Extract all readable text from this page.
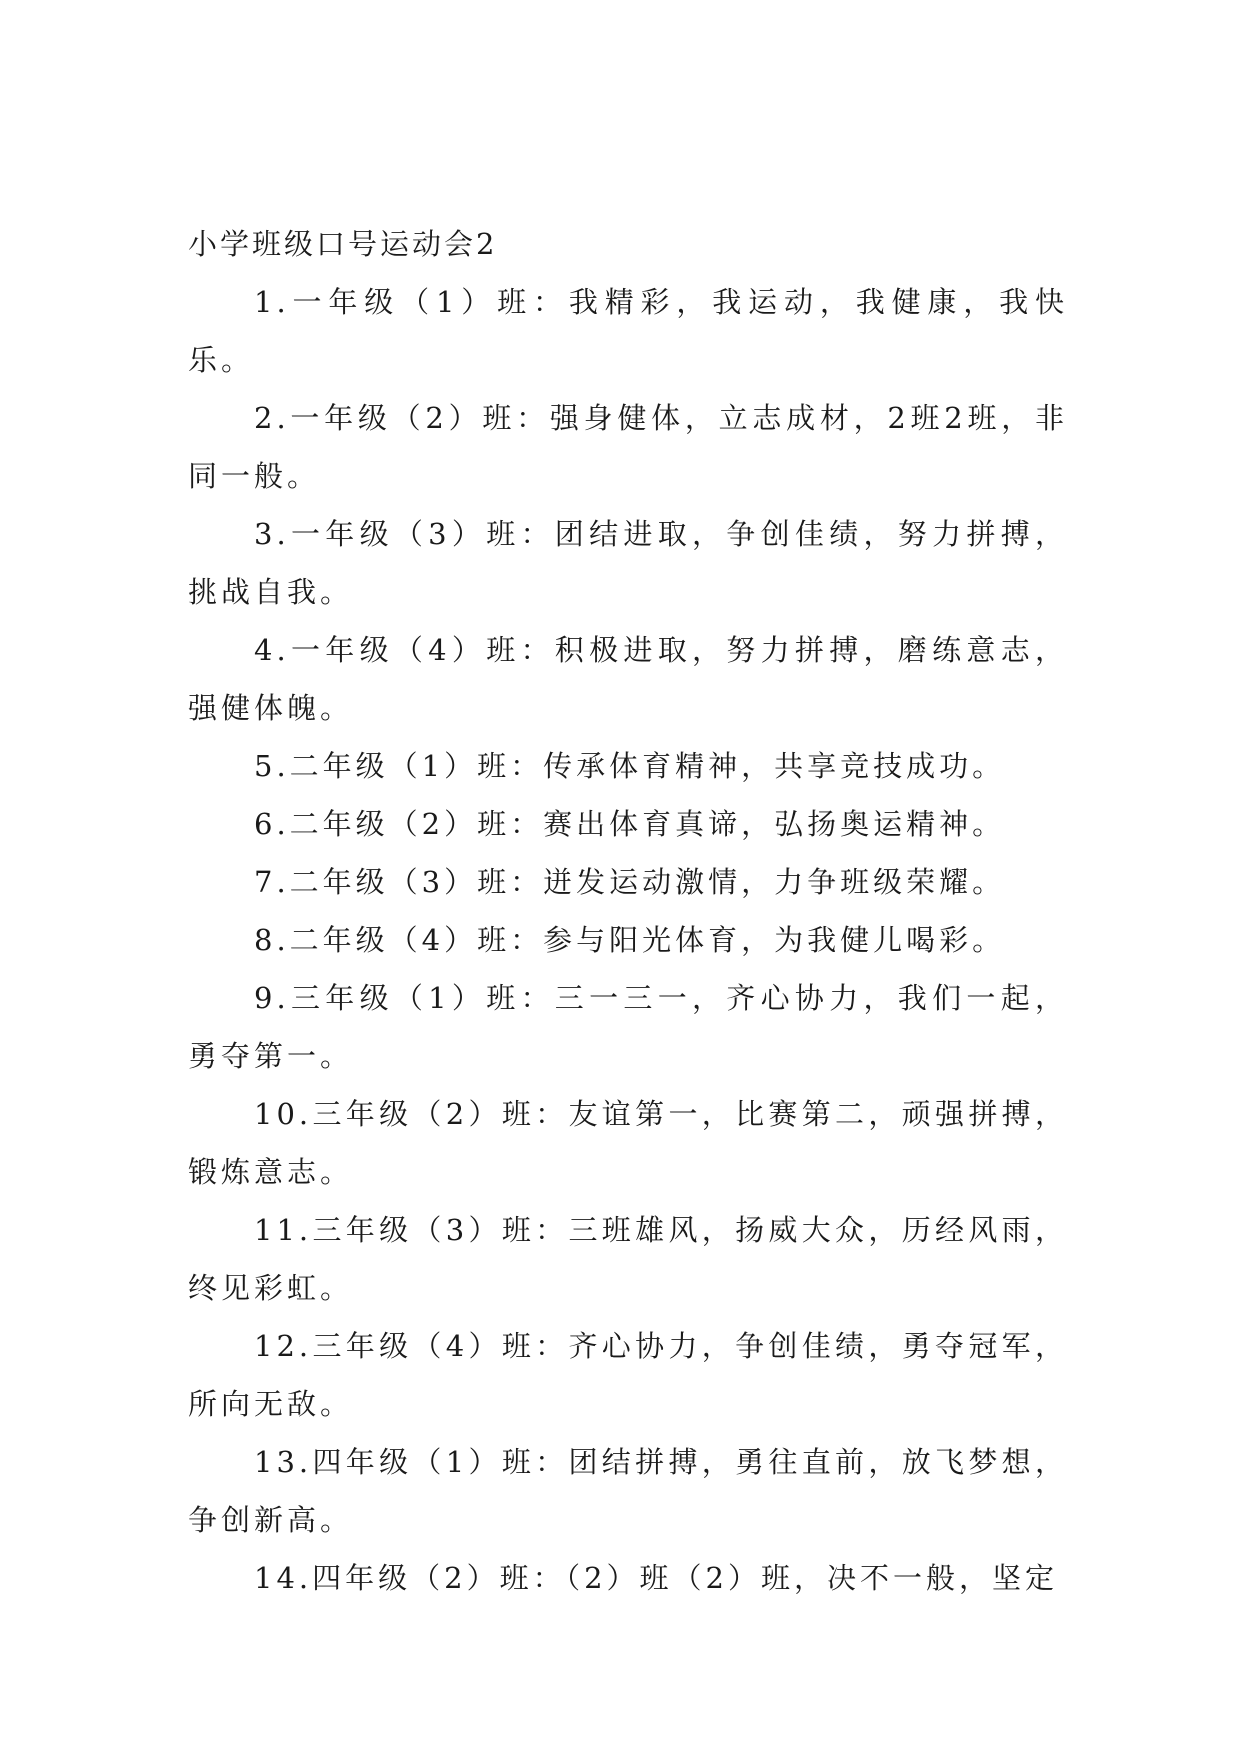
小学班级口号运动会2

1.一年级（1）班：我精彩，我运动，我健康，我快乐。

2.一年级（2）班：强身健体，立志成材，2班2班，非同一般。

3.一年级（3）班：团结进取，争创佳绩，努力拼搏，挑战自我。

4.一年级（4）班：积极进取，努力拼搏，磨练意志，强健体魄。

5.二年级（1）班：传承体育精神，共享竞技成功。

6.二年级（2）班：赛出体育真谛，弘扬奥运精神。

7.二年级（3）班：迸发运动激情，力争班级荣耀。

8.二年级（4）班：参与阳光体育，为我健儿喝彩。

9.三年级（1）班：三一三一，齐心协力，我们一起，勇夺第一。

10.三年级（2）班：友谊第一，比赛第二，顽强拼搏，锻炼意志。

11.三年级（3）班：三班雄风，扬威大众，历经风雨，终见彩虹。

12.三年级（4）班：齐心协力，争创佳绩，勇夺冠军，所向无敌。

13.四年级（1）班：团结拼搏，勇往直前，放飞梦想，争创新高。

14.四年级（2）班：（2）班（2）班，决不一般，坚定
